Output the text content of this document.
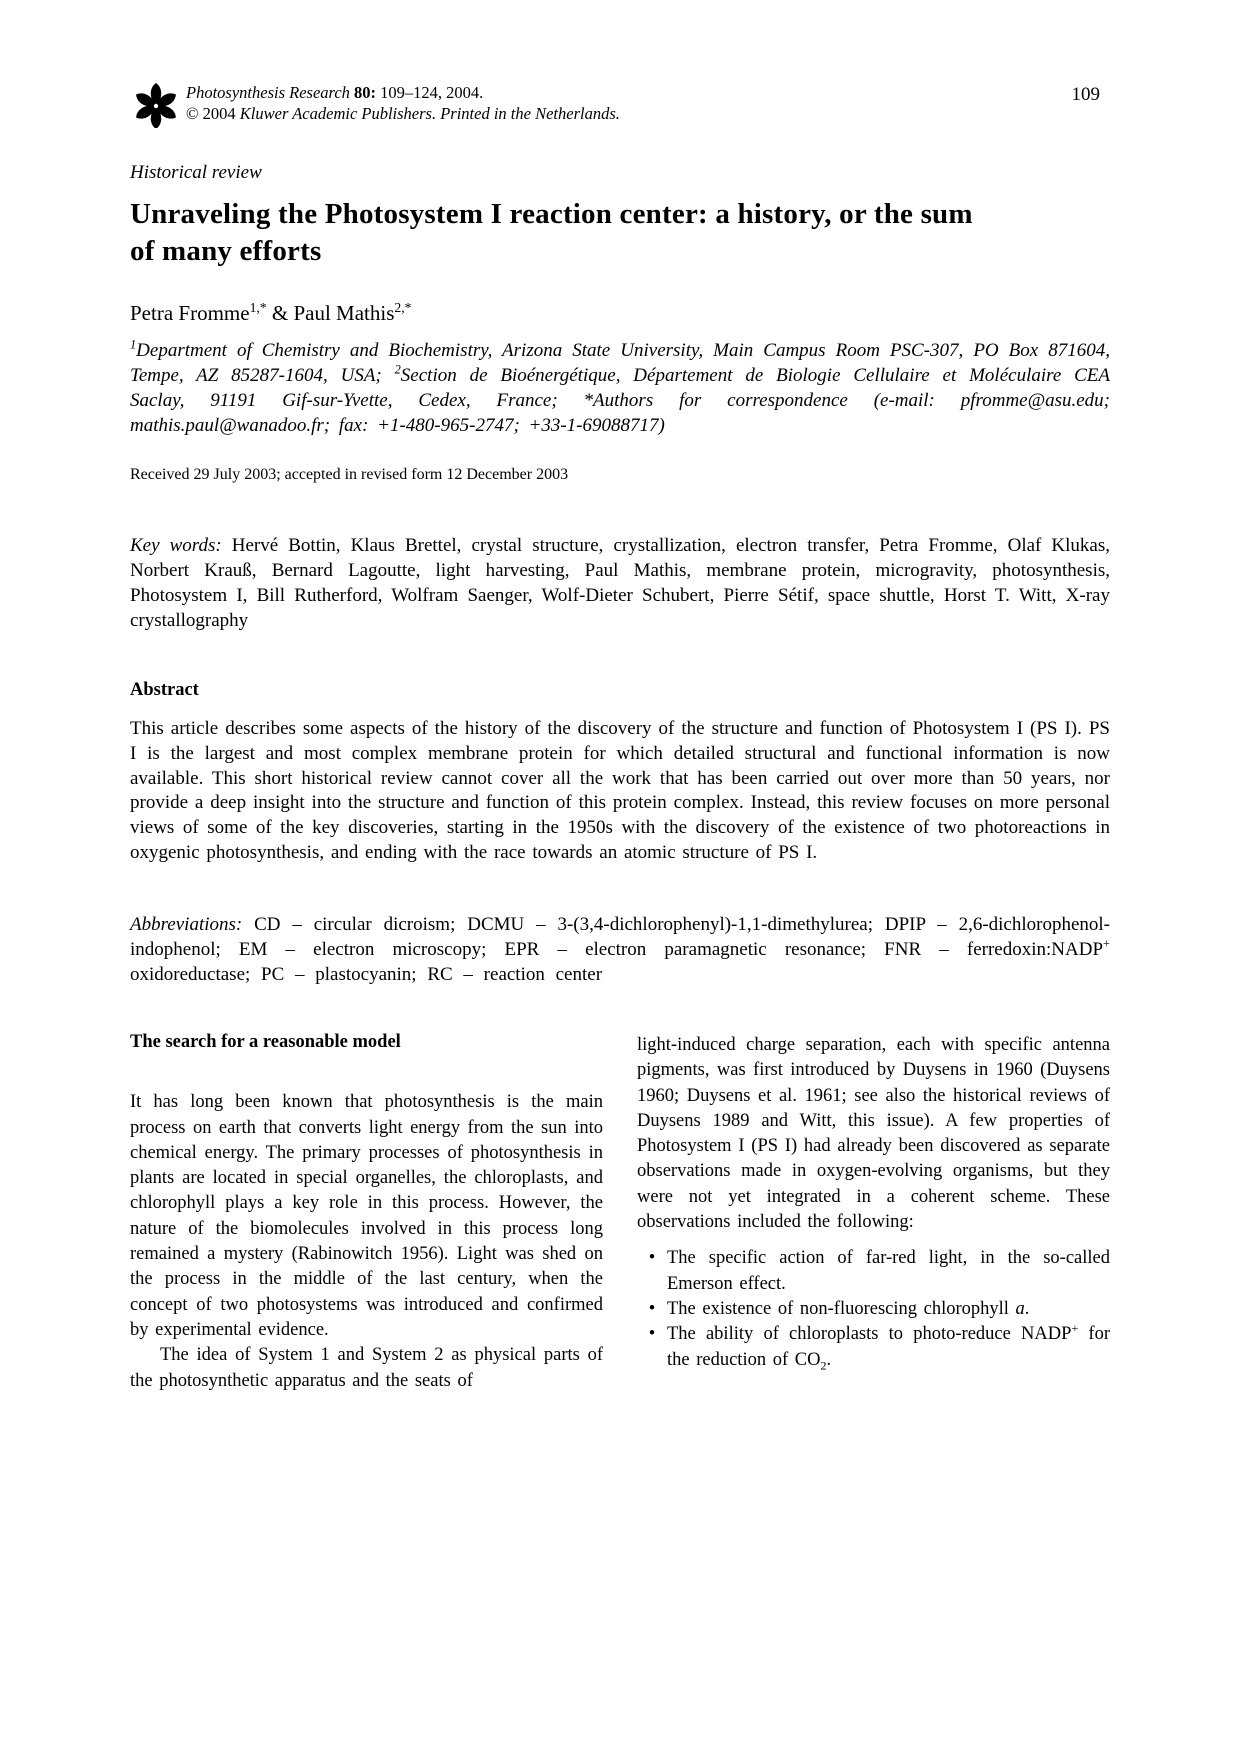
Photosynthesis Research 80: 109–124, 2004.
© 2004 Kluwer Academic Publishers. Printed in the Netherlands.
109
Historical review
Unraveling the Photosystem I reaction center: a history, or the sum
of many efforts
Petra Fromme$^{1,*}$ & Paul Mathis$^{2,*}$
$^1$Department of Chemistry and Biochemistry, Arizona State University, Main Campus Room PSC-307, PO Box 871604, Tempe, AZ 85287-1604, USA; $^2$Section de Bioénergétique, Département de Biologie Cellulaire et Moléculaire CEA Saclay, 91191 Gif-sur-Yvette, Cedex, France; *Authors for correspondence (e-mail: pfromme@asu.edu; mathis.paul@wanadoo.fr; fax: +1-480-965-2747; +33-1-69088717)
Received 29 July 2003; accepted in revised form 12 December 2003
Key words: Hervé Bottin, Klaus Brettel, crystal structure, crystallization, electron transfer, Petra Fromme, Olaf Klukas, Norbert Krauß, Bernard Lagoutte, light harvesting, Paul Mathis, membrane protein, microgravity, photosynthesis, Photosystem I, Bill Rutherford, Wolfram Saenger, Wolf-Dieter Schubert, Pierre Sétif, space shuttle, Horst T. Witt, X-ray crystallography
Abstract
This article describes some aspects of the history of the discovery of the structure and function of Photosystem I (PS I). PS I is the largest and most complex membrane protein for which detailed structural and functional information is now available. This short historical review cannot cover all the work that has been carried out over more than 50 years, nor provide a deep insight into the structure and function of this protein complex. Instead, this review focuses on more personal views of some of the key discoveries, starting in the 1950s with the discovery of the existence of two photoreactions in oxygenic photosynthesis, and ending with the race towards an atomic structure of PS I.
Abbreviations: CD – circular dicroism; DCMU – 3-(3,4-dichlorophenyl)-1,1-dimethylurea; DPIP – 2,6-dichlorophenol-indophenol; EM – electron microscopy; EPR – electron paramagnetic resonance; FNR – ferredoxin:NADP+ oxidoreductase; PC – plastocyanin; RC – reaction center
The search for a reasonable model

It has long been known that photosynthesis is the main process on earth that converts light energy from the sun into chemical energy. The primary processes of photosynthesis in plants are located in special organelles, the chloroplasts, and chlorophyll plays a key role in this process. However, the nature of the biomolecules involved in this process long remained a mystery (Rabinowitch 1956). Light was shed on the process in the middle of the last century, when the concept of two photosystems was introduced and confirmed by experimental evidence.

The idea of System 1 and System 2 as physical parts of the photosynthetic apparatus and the seats of

light-induced charge separation, each with specific antenna pigments, was first introduced by Duysens in 1960 (Duysens 1960; Duysens et al. 1961; see also the historical reviews of Duysens 1989 and Witt, this issue). A few properties of Photosystem I (PS I) had already been discovered as separate observations made in oxygen-evolving organisms, but they were not yet integrated in a coherent scheme. These observations included the following:

• The specific action of far-red light, in the so-called Emerson effect.
• The existence of non-fluorescing chlorophyll a.
• The ability of chloroplasts to photo-reduce NADP+ for the reduction of $CO_2$.
